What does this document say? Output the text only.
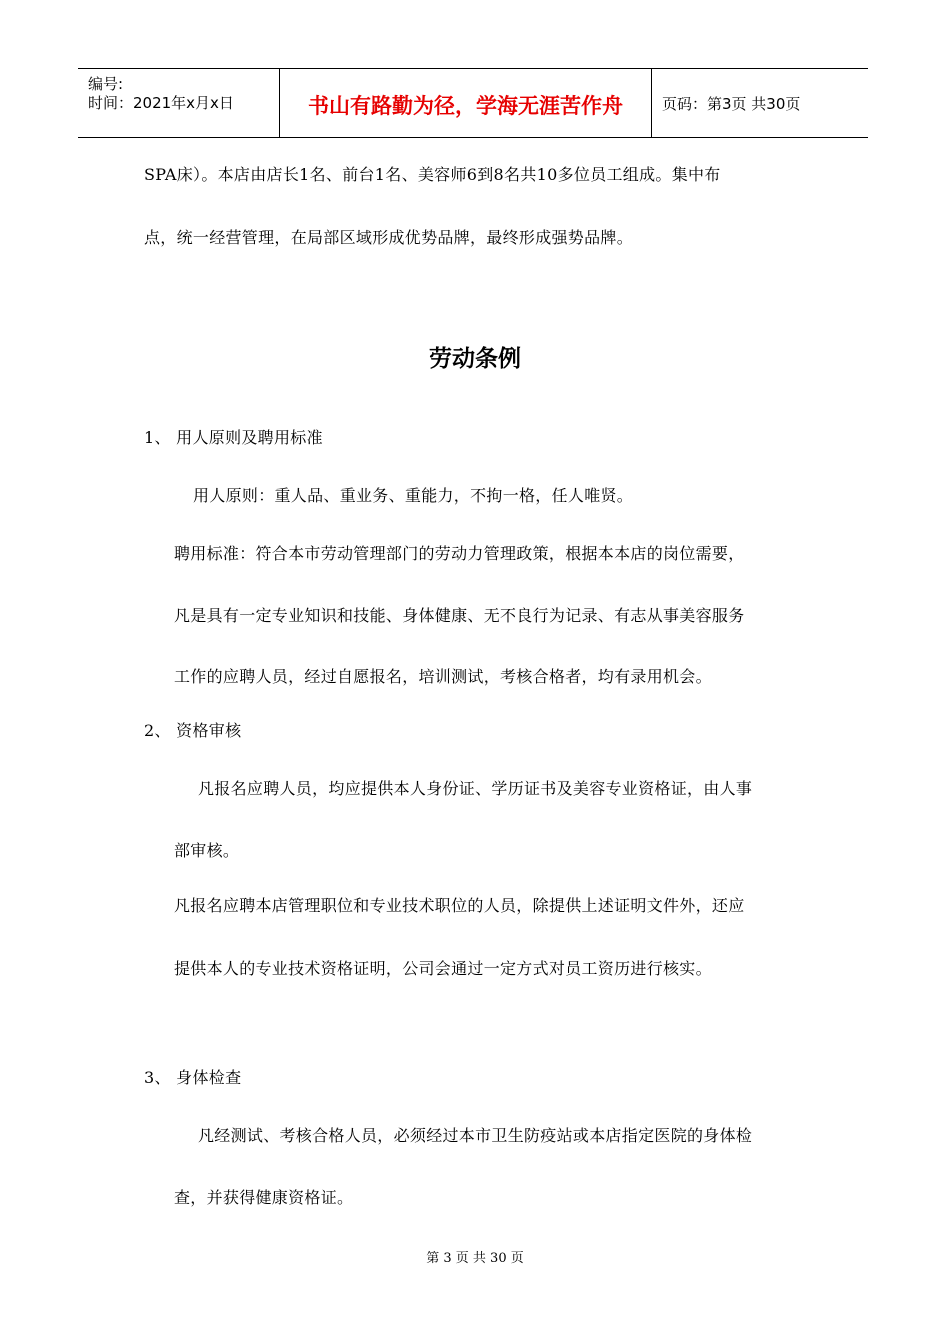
编号:
时间：2021年x月x日	书山有路勤为径，学海无涯苦作舟	页码：第3页 共30页
SPA床）。本店由店长1名、前台1名、美容师6到8名共10多位员工组成。集中布
点，统一经营管理，在局部区域形成优势品牌，最终形成强势品牌。
劳动条例
1、 用人原则及聘用标准
用人原则：重人品、重业务、重能力，不拘一格，任人唯贤。
聘用标准：符合本市劳动管理部门的劳动力管理政策，根据本本店的岗位需要，
凡是具有一定专业知识和技能、身体健康、无不良行为记录、有志从事美容服务
工作的应聘人员，经过自愿报名，培训测试，考核合格者，均有录用机会。
2、 资格审核
凡报名应聘人员，均应提供本人身份证、学历证书及美容专业资格证，由人事
部审核。
凡报名应聘本店管理职位和专业技术职位的人员，除提供上述证明文件外，还应
提供本人的专业技术资格证明，公司会通过一定方式对员工资历进行核实。
3、 身体检查
凡经测试、考核合格人员，必须经过本市卫生防疫站或本店指定医院的身体检
查，并获得健康资格证。
第 3 页 共 30 页
